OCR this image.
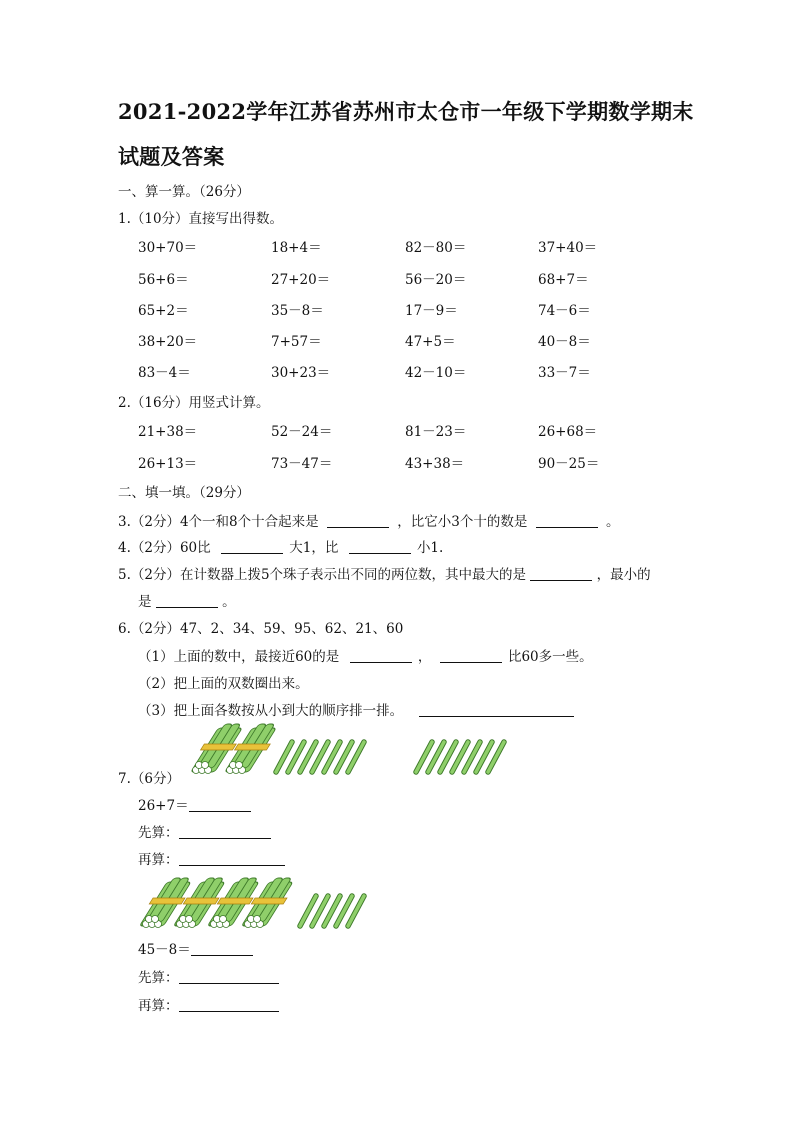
2021-2022学年江苏省苏州市太仓市一年级下学期数学期末
试题及答案
一、算一算。（26分）
1.（10分）直接写出得数。
30+70＝	18+4＝	82－80＝	37+40＝
56+6＝	27+20＝	56－20＝	68+7＝
65+2＝	35－8＝	17－9＝	74－6＝
38+20＝	7+57＝	47+5＝	40－8＝
83－4＝	30+23＝	42－10＝	33－7＝
2.（16分）用竖式计算。
21+38＝	52－24＝	81－23＝	26+68＝
26+13＝	73－47＝	43+38＝	90－25＝
二、填一填。（29分）
3.（2分）4个一和8个十合起来是	，比它小3个十的数是	。
4.（2分）60比	大1，比	小1.
5.（2分）在计数器上拨5个珠子表示出不同的两位数，其中最大的是	，最小的
是	。
6.（2分）47、2、34、59、95、62、21、60
（1）上面的数中，最接近60的是	，	比60多一些。
（2）把上面的双数圈出来。
（3）把上面各数按从小到大的顺序排一排。
7.（6分）
26+7＝
先算：
再算：
45－8＝
先算：
再算：
